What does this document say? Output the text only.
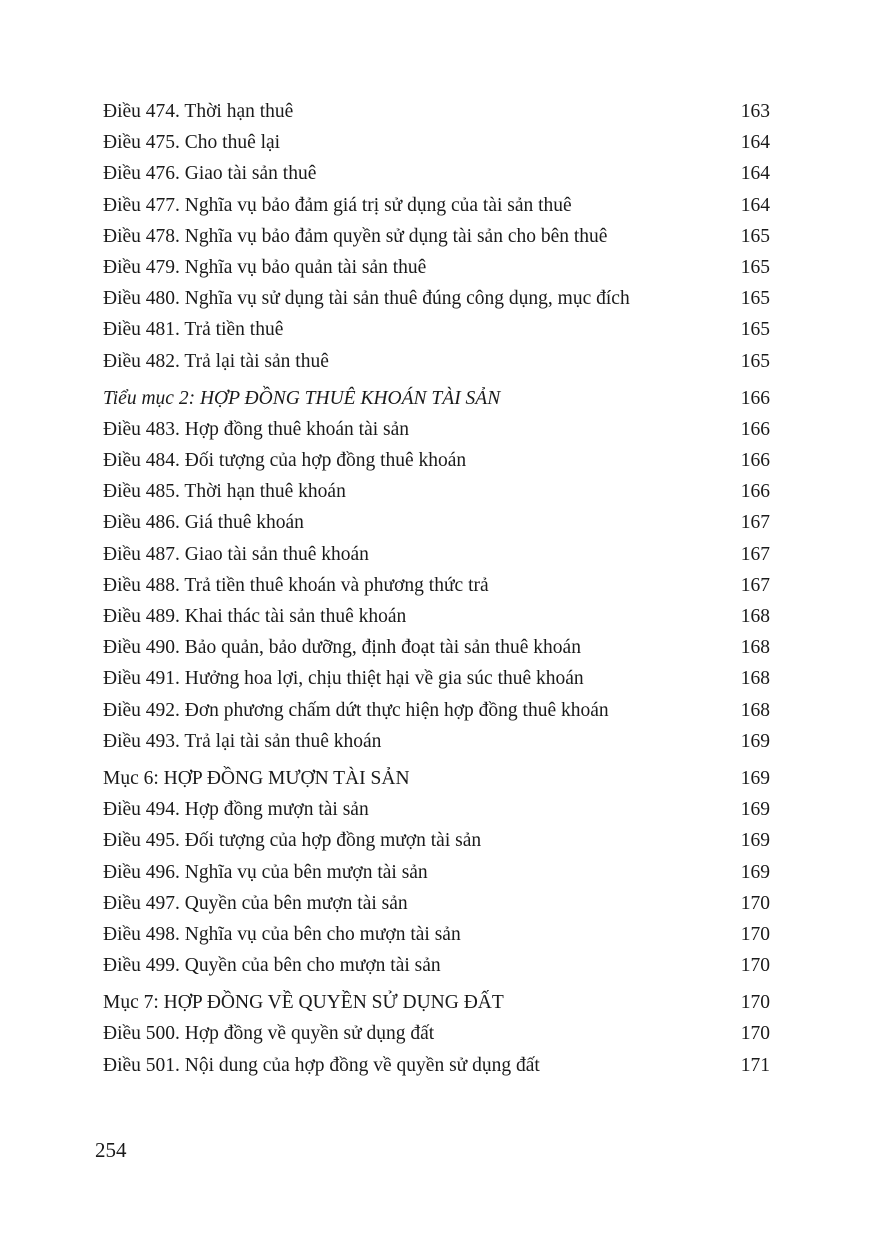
Điều 474. Thời hạn thuê	163
Điều 475. Cho thuê lại	164
Điều 476. Giao tài sản thuê	164
Điều 477. Nghĩa vụ bảo đảm giá trị sử dụng của tài sản thuê	164
Điều 478. Nghĩa vụ bảo đảm quyền sử dụng tài sản cho bên thuê	165
Điều 479. Nghĩa vụ bảo quản tài sản thuê	165
Điều 480. Nghĩa vụ sử dụng tài sản thuê đúng công dụng, mục đích	165
Điều 481. Trả tiền thuê	165
Điều 482. Trả lại tài sản thuê	165
Tiểu mục 2: HỢP ĐỒNG THUÊ KHOÁN TÀI SẢN	166
Điều 483. Hợp đồng thuê khoán tài sản	166
Điều 484. Đối tượng của hợp đồng thuê khoán	166
Điều 485. Thời hạn thuê khoán	166
Điều 486. Giá thuê khoán	167
Điều 487. Giao tài sản thuê khoán	167
Điều 488. Trả tiền thuê khoán và phương thức trả	167
Điều 489. Khai thác tài sản thuê khoán	168
Điều 490. Bảo quản, bảo dưỡng, định đoạt tài sản thuê khoán	168
Điều 491. Hưởng hoa lợi, chịu thiệt hại về gia súc thuê khoán	168
Điều 492. Đơn phương chấm dứt thực hiện hợp đồng thuê khoán	168
Điều 493. Trả lại tài sản thuê khoán	169
Mục 6: HỢP ĐỒNG MƯỢN TÀI SẢN	169
Điều 494. Hợp đồng mượn tài sản	169
Điều 495. Đối tượng của hợp đồng mượn tài sản	169
Điều 496. Nghĩa vụ của bên mượn tài sản	169
Điều 497. Quyền của bên mượn tài sản	170
Điều 498. Nghĩa vụ của bên cho mượn tài sản	170
Điều 499. Quyền của bên cho mượn tài sản	170
Mục 7: HỢP ĐỒNG VỀ QUYỀN SỬ DỤNG ĐẤT	170
Điều 500. Hợp đồng về quyền sử dụng đất	170
Điều 501. Nội dung của hợp đồng về quyền sử dụng đất	171
254
